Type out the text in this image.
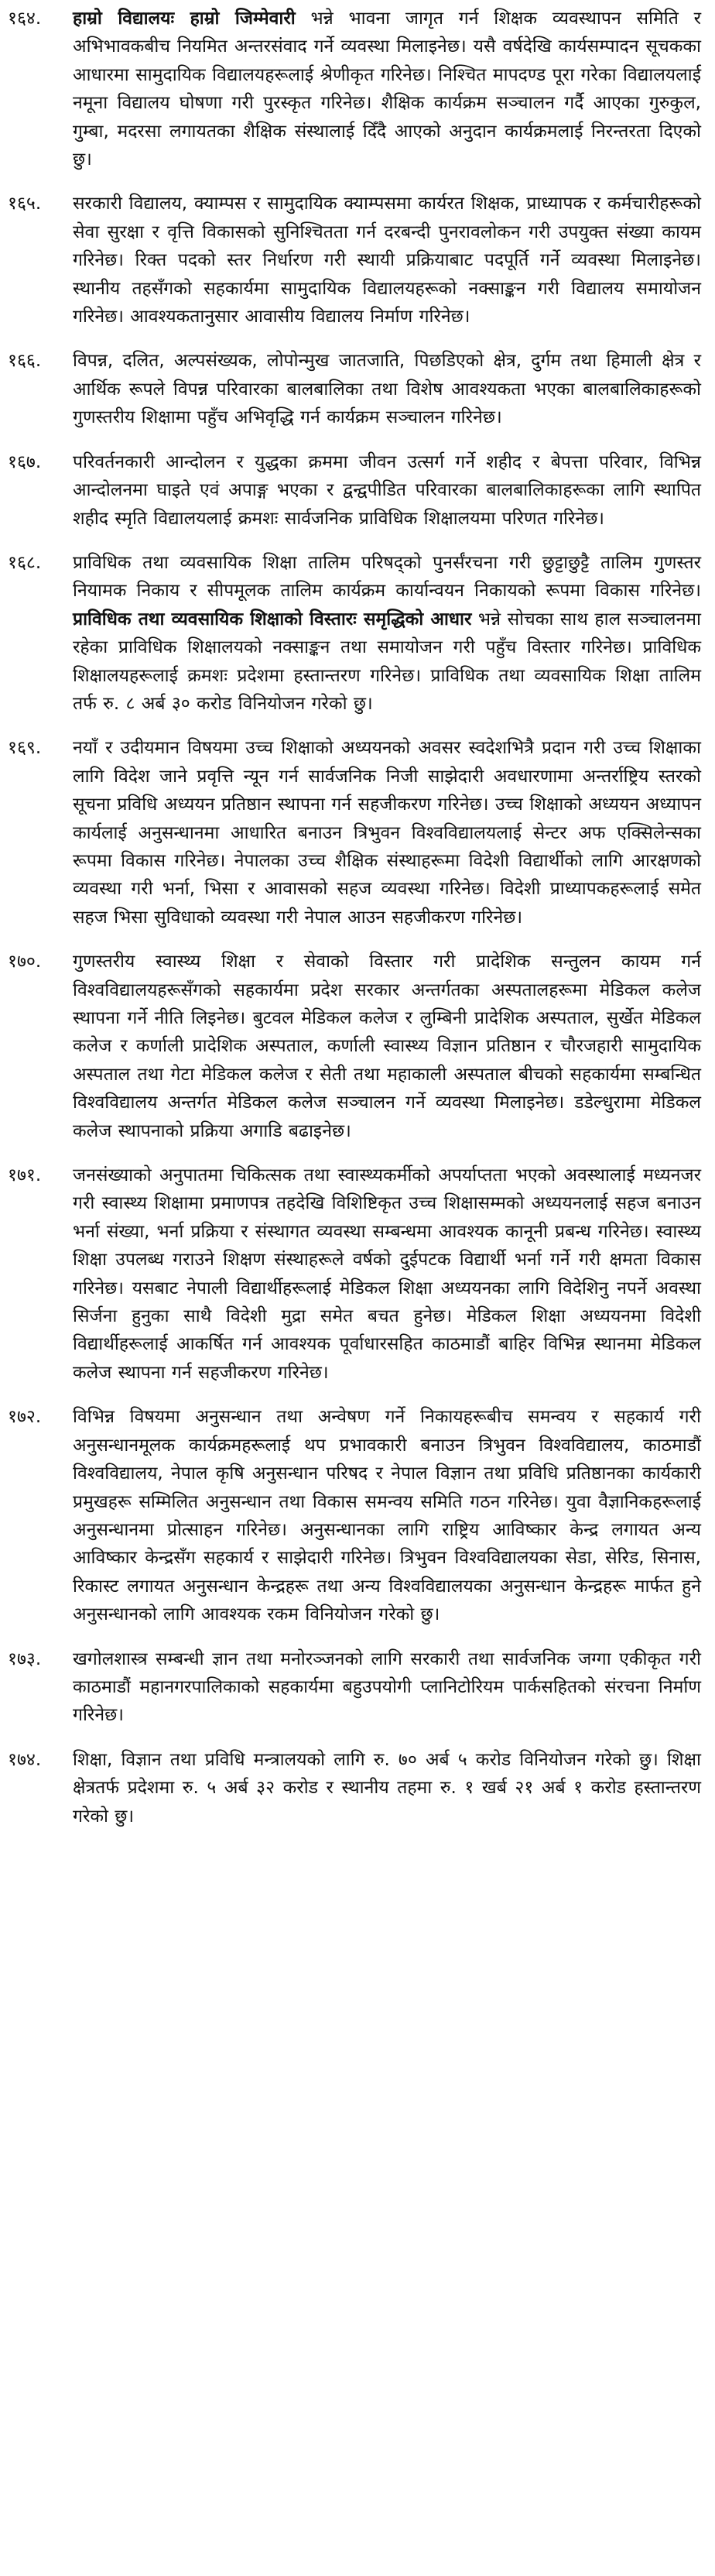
१६४.	हाम्रो विद्यालयः हाम्रो जिम्मेवारी भन्ने भावना जागृत गर्न शिक्षक व्यवस्थापन समिति र अभिभावकबीच नियमित अन्तरसंवाद गर्ने व्यवस्था मिलाइनेछ। यसै वर्षदेखि कार्यसम्पादन सूचकका आधारमा सामुदायिक विद्यालयहरूलाई श्रेणीकृत गरिनेछ। निश्चित मापदण्ड पूरा गरेका विद्यालयलाई नमूना विद्यालय घोषणा गरी पुरस्कृत गरिनेछ। शैक्षिक कार्यक्रम सञ्चालन गर्दै आएका गुरुकुल, गुम्बा, मदरसा लगायतका शैक्षिक संस्थालाई दिँदै आएको अनुदान कार्यक्रमलाई निरन्तरता दिएको छु।
१६५.	सरकारी विद्यालय, क्याम्पस र सामुदायिक क्याम्पसमा कार्यरत शिक्षक, प्राध्यापक र कर्मचारीहरूको सेवा सुरक्षा र वृत्ति विकासको सुनिश्चितता गर्न दरबन्दी पुनरावलोकन गरी उपयुक्त संख्या कायम गरिनेछ। रिक्त पदको स्तर निर्धारण गरी स्थायी प्रक्रियाबाट पदपूर्ति गर्ने व्यवस्था मिलाइनेछ। स्थानीय तहसँगको सहकार्यमा सामुदायिक विद्यालयहरूको नक्साङ्कन गरी विद्यालय समायोजन गरिनेछ। आवश्यकतानुसार आवासीय विद्यालय निर्माण गरिनेछ।
१६६.	विपन्न, दलित, अल्पसंख्यक, लोपोन्मुख जातजाति, पिछडिएको क्षेत्र, दुर्गम तथा हिमाली क्षेत्र र आर्थिक रूपले विपन्न परिवारका बालबालिका तथा विशेष आवश्यकता भएका बालबालिकाहरूको गुणस्तरीय शिक्षामा पहुँच अभिवृद्धि गर्न कार्यक्रम सञ्चालन गरिनेछ।
१६७.	परिवर्तनकारी आन्दोलन र युद्धका क्रममा जीवन उत्सर्ग गर्ने शहीद र बेपत्ता परिवार, विभिन्न आन्दोलनमा घाइते एवं अपाङ्ग भएका र द्वन्द्वपीडित परिवारका बालबालिकाहरूका लागि स्थापित शहीद स्मृति विद्यालयलाई क्रमशः सार्वजनिक प्राविधिक शिक्षालयमा परिणत गरिनेछ।
१६८.	प्राविधिक तथा व्यवसायिक शिक्षा तालिम परिषद्को पुनर्संरचना गरी छुट्टाछुट्टै तालिम गुणस्तर नियामक निकाय र सीपमूलक तालिम कार्यक्रम कार्यान्वयन निकायको रूपमा विकास गरिनेछ। प्राविधिक तथा व्यवसायिक शिक्षाको विस्तारः समृद्धिको आधार भन्ने सोचका साथ हाल सञ्चालनमा रहेका प्राविधिक शिक्षालयको नक्साङ्कन तथा समायोजन गरी पहुँच विस्तार गरिनेछ। प्राविधिक शिक्षालयहरूलाई क्रमशः प्रदेशमा हस्तान्तरण गरिनेछ। प्राविधिक तथा व्यवसायिक शिक्षा तालिम तर्फ रु. ८ अर्ब ३० करोड विनियोजन गरेको छु।
१६९.	नयाँ र उदीयमान विषयमा उच्च शिक्षाको अध्ययनको अवसर स्वदेशभित्रै प्रदान गरी उच्च शिक्षाका लागि विदेश जाने प्रवृत्ति न्यून गर्न सार्वजनिक निजी साझेदारी अवधारणामा अन्तर्राष्ट्रिय स्तरको सूचना प्रविधि अध्ययन प्रतिष्ठान स्थापना गर्न सहजीकरण गरिनेछ। उच्च शिक्षाको अध्ययन अध्यापन कार्यलाई अनुसन्धानमा आधारित बनाउन त्रिभुवन विश्वविद्यालयलाई सेन्टर अफ एक्सिलेन्सका रूपमा विकास गरिनेछ। नेपालका उच्च शैक्षिक संस्थाहरूमा विदेशी विद्यार्थीको लागि आरक्षणको व्यवस्था गरी भर्ना, भिसा र आवासको सहज व्यवस्था गरिनेछ। विदेशी प्राध्यापकहरूलाई समेत सहज भिसा सुविधाको व्यवस्था गरी नेपाल आउन सहजीकरण गरिनेछ।
१७०.	गुणस्तरीय स्वास्थ्य शिक्षा र सेवाको विस्तार गरी प्रादेशिक सन्तुलन कायम गर्न विश्वविद्यालयहरूसँगको सहकार्यमा प्रदेश सरकार अन्तर्गतका अस्पतालहरूमा मेडिकल कलेज स्थापना गर्ने नीति लिइनेछ। बुटवल मेडिकल कलेज र लुम्बिनी प्रादेशिक अस्पताल, सुर्खेत मेडिकल कलेज र कर्णाली प्रादेशिक अस्पताल, कर्णाली स्वास्थ्य विज्ञान प्रतिष्ठान र चौरजहारी सामुदायिक अस्पताल तथा गेटा मेडिकल कलेज र सेती तथा महाकाली अस्पताल बीचको सहकार्यमा सम्बन्धित विश्वविद्यालय अन्तर्गत मेडिकल कलेज सञ्चालन गर्ने व्यवस्था मिलाइनेछ। डडेल्धुरामा मेडिकल कलेज स्थापनाको प्रक्रिया अगाडि बढाइनेछ।
१७१.	जनसंख्याको अनुपातमा चिकित्सक तथा स्वास्थ्यकर्मीको अपर्याप्तता भएको अवस्थालाई मध्यनजर गरी स्वास्थ्य शिक्षामा प्रमाणपत्र तहदेखि विशिष्टिकृत उच्च शिक्षासम्मको अध्ययनलाई सहज बनाउन भर्ना संख्या, भर्ना प्रक्रिया र संस्थागत व्यवस्था सम्बन्धमा आवश्यक कानूनी प्रबन्ध गरिनेछ। स्वास्थ्य शिक्षा उपलब्ध गराउने शिक्षण संस्थाहरूले वर्षको दुईपटक विद्यार्थी भर्ना गर्ने गरी क्षमता विकास गरिनेछ। यसबाट नेपाली विद्यार्थीहरूलाई मेडिकल शिक्षा अध्ययनका लागि विदेशिनु नपर्ने अवस्था सिर्जना हुनुका साथै विदेशी मुद्रा समेत बचत हुनेछ। मेडिकल शिक्षा अध्ययनमा विदेशी विद्यार्थीहरूलाई आकर्षित गर्न आवश्यक पूर्वाधारसहित काठमाडौं बाहिर विभिन्न स्थानमा मेडिकल कलेज स्थापना गर्न सहजीकरण गरिनेछ।
१७२.	विभिन्न विषयमा अनुसन्धान तथा अन्वेषण गर्ने निकायहरूबीच समन्वय र सहकार्य गरी अनुसन्धानमूलक कार्यक्रमहरूलाई थप प्रभावकारी बनाउन त्रिभुवन विश्वविद्यालय, काठमाडौं विश्वविद्यालय, नेपाल कृषि अनुसन्धान परिषद र नेपाल विज्ञान तथा प्रविधि प्रतिष्ठानका कार्यकारी प्रमुखहरू सम्मिलित अनुसन्धान तथा विकास समन्वय समिति गठन गरिनेछ। युवा वैज्ञानिकहरूलाई अनुसन्धानमा प्रोत्साहन गरिनेछ। अनुसन्धानका लागि राष्ट्रिय आविष्कार केन्द्र लगायत अन्य आविष्कार केन्द्रसँग सहकार्य र साझेदारी गरिनेछ। त्रिभुवन विश्वविद्यालयका सेडा, सेरिड, सिनास, रिकास्ट लगायत अनुसन्धान केन्द्रहरू तथा अन्य विश्वविद्यालयका अनुसन्धान केन्द्रहरू मार्फत हुने अनुसन्धानको लागि आवश्यक रकम विनियोजन गरेको छु।
१७३.	खगोलशास्त्र सम्बन्धी ज्ञान तथा मनोरञ्जनको लागि सरकारी तथा सार्वजनिक जग्गा एकीकृत गरी काठमाडौं महानगरपालिकाको सहकार्यमा बहुउपयोगी प्लानिटोरियम पार्कसहितको संरचना निर्माण गरिनेछ।
१७४.	शिक्षा, विज्ञान तथा प्रविधि मन्त्रालयको लागि रु. ७० अर्ब ५ करोड विनियोजन गरेको छु। शिक्षा क्षेत्रतर्फ प्रदेशमा रु. ५ अर्ब ३२ करोड र स्थानीय तहमा रु. १ खर्ब २१ अर्ब १ करोड हस्तान्तरण गरेको छु।
